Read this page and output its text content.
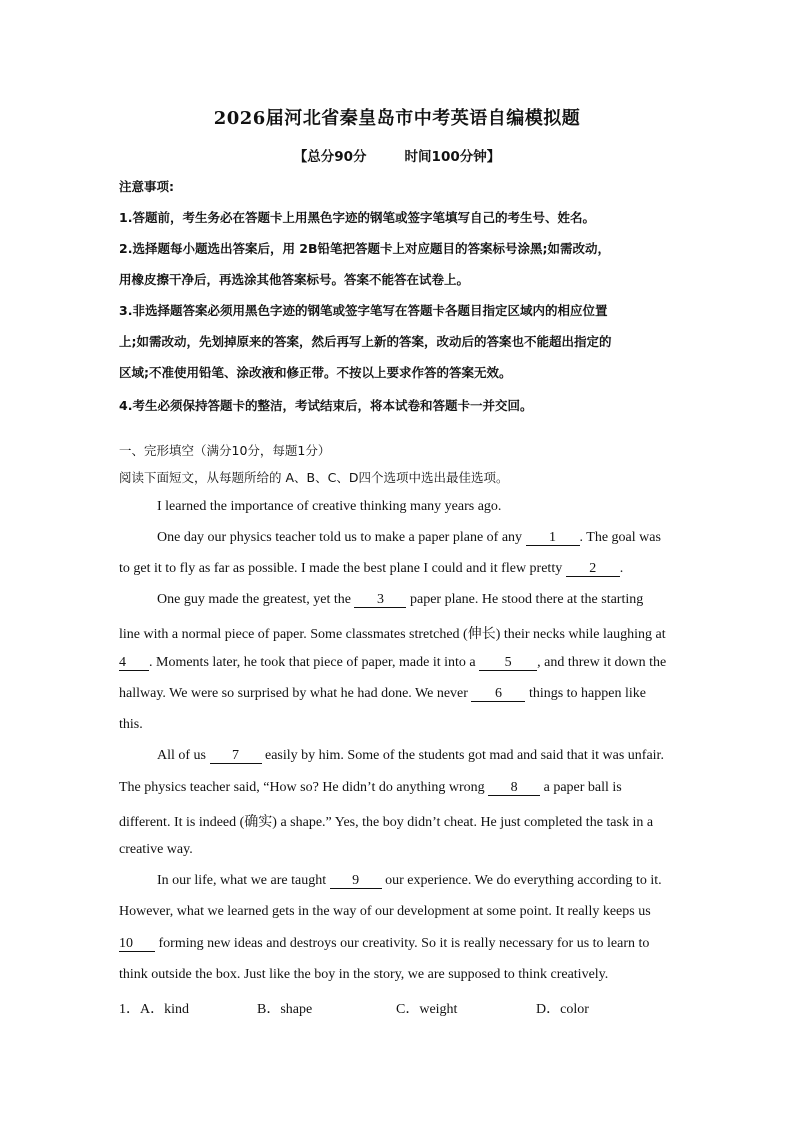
2026届河北省秦皇岛市中考英语自编模拟题
【总分90分	时间100分钟】
注意事项:
1.答题前，考生务必在答题卡上用黑色字迹的钢笔或签字笔填写自己的考生号、姓名。
2.选择题每小题选出答案后，用 2B铅笔把答题卡上对应题目的答案标号涂黑;如需改动，
用橡皮擦干净后，再选涂其他答案标号。答案不能答在试卷上。
3.非选择题答案必须用黑色字迹的钢笔或签字笔写在答题卡各题目指定区域内的相应位置
上;如需改动，先划掉原来的答案，然后再写上新的答案，改动后的答案也不能超出指定的
区域;不准使用铅笔、涂改液和修正带。不按以上要求作答的答案无效。
4.考生必须保持答题卡的整洁，考试结束后，将本试卷和答题卡一并交回。
一、完形填空（满分10分，每题1分）
阅读下面短文，从每题所给的 A、B、C、D四个选项中选出最佳选项。
I learned the importance of creative thinking many years ago.
One day our physics teacher told us to make a paper plane of any 1 . The goal was
to get it to fly as far as possible. I made the best plane I could and it flew pretty 2 .
One guy made the greatest, yet the 3 paper plane. He stood there at the starting
line with a normal piece of paper. Some classmates stretched (伸长) their necks while laughing at
4 . Moments later, he took that piece of paper, made it into a 5 , and threw it down the
hallway. We were so surprised by what he had done. We never 6 things to happen like
this.
All of us 7 easily by him. Some of the students got mad and said that it was unfair.
The physics teacher said, “How so? He didn’t do anything wrong 8 a paper ball is
different. It is indeed (确实) a shape.” Yes, the boy didn’t cheat. He just completed the task in a
creative way.
In our life, what we are taught 9 our experience. We do everything according to it.
However, what we learned gets in the way of our development at some point. It really keeps us
10 forming new ideas and destroys our creativity. So it is really necessary for us to learn to
think outside the box. Just like the boy in the story, we are supposed to think creatively.
1． A．kind	B．shape	C．weight	D．color
